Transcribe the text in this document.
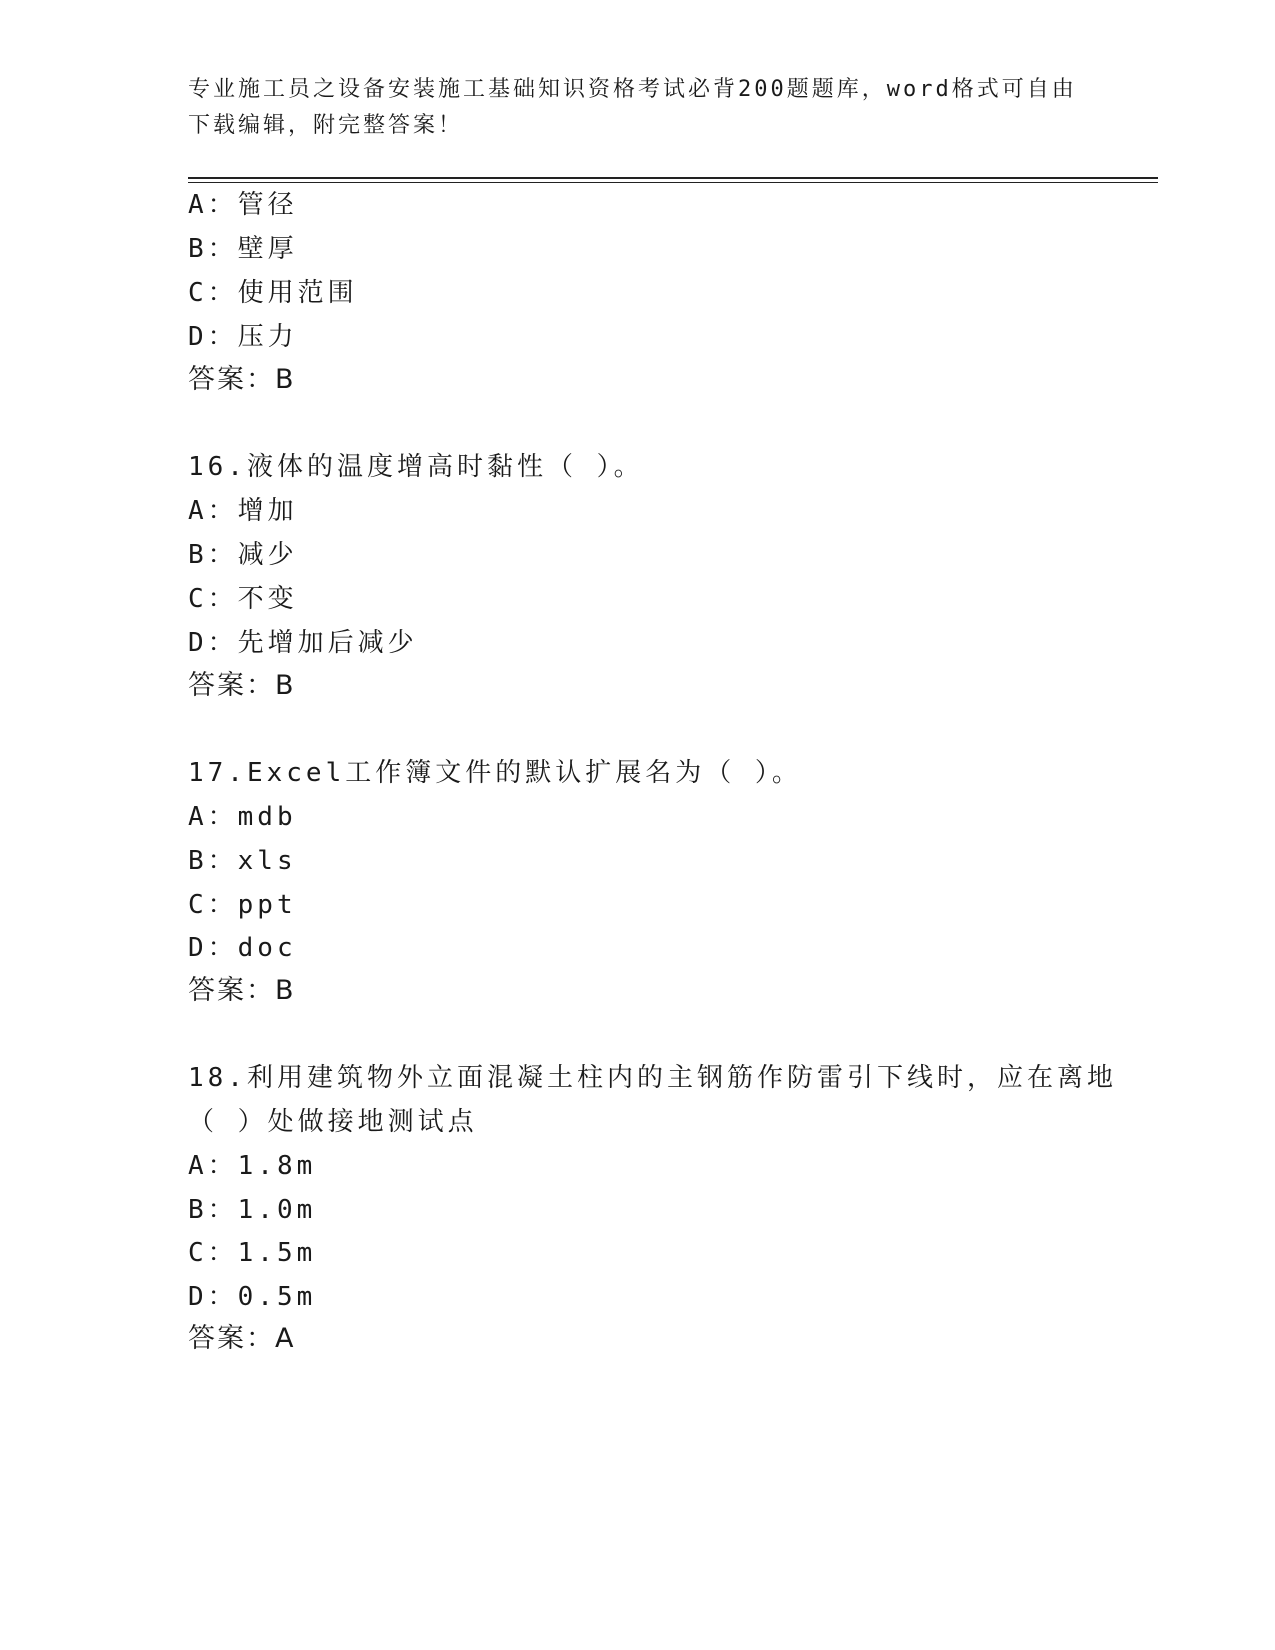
专业施工员之设备安装施工基础知识资格考试必背200题题库，word格式可自由下载编辑，附完整答案！
A：管径
B：壁厚
C：使用范围
D：压力
答案：B
16.液体的温度增高时黏性（ ）。
A：增加
B：减少
C：不变
D：先增加后减少
答案：B
17.Excel工作簿文件的默认扩展名为（ ）。
A：mdb
B：xls
C：ppt
D：doc
答案：B
18.利用建筑物外立面混凝土柱内的主钢筋作防雷引下线时，应在离地
（ ）处做接地测试点
A：1.8m
B：1.0m
C：1.5m
D：0.5m
答案：A
